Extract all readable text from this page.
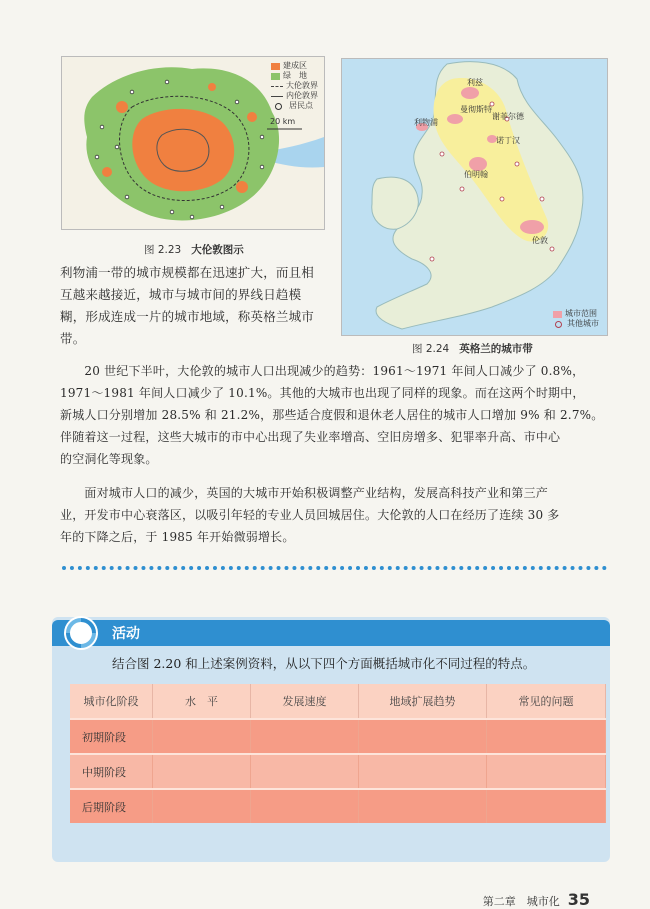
建成区
绿　地
大伦敦界
内伦敦界
居民点
20 km
图 2.23 大伦敦图示
利兹
曼彻斯特
谢菲尔德
利物浦
诺丁汉
伯明翰
伦敦
城市范围
其他城市
图 2.24 英格兰的城市带
利物浦一带的城市规模都在迅速扩大，而且相
互越来越接近，城市与城市间的界线日趋模
糊，形成连成一片的城市地域，称英格兰城市
带。
　　20 世纪下半叶，大伦敦的城市人口出现减少的趋势：1961～1971 年间人口减少了 0.8%，
1971～1981 年间人口减少了 10.1%。其他的大城市也出现了同样的现象。而在这两个时期中，
新城人口分别增加 28.5% 和 21.2%，那些适合度假和退休老人居住的城市人口增加 9% 和 2.7%。
伴随着这一过程，这些大城市的市中心出现了失业率增高、空旧房增多、犯罪率升高、市中心
的空洞化等现象。
　　面对城市人口的减少，英国的大城市开始积极调整产业结构，发展高科技产业和第三产
业，开发市中心衰落区，以吸引年轻的专业人员回城居住。大伦敦的人口在经历了连续 30 多
年的下降之后，于 1985 年开始微弱增长。
活动
结合图 2.20 和上述案例资料，从以下四个方面概括城市化不同过程的特点。
城市化阶段	水　平	发展速度	地域扩展趋势	常见的问题
初期阶段				
中期阶段				
后期阶段				
第二章　城市化 35
